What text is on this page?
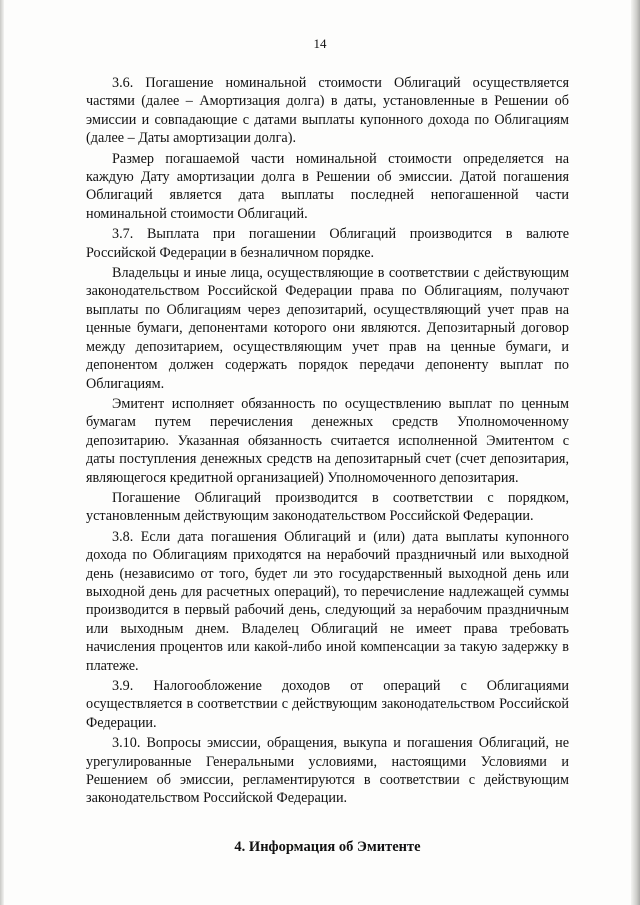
14

3.6. Погашение номинальной стоимости Облигаций осуществляется частями (далее – Амортизация долга) в даты, установленные в Решении об эмиссии и совпадающие с датами выплаты купонного дохода по Облигациям (далее – Даты амортизации долга).

Размер погашаемой части номинальной стоимости определяется на каждую Дату амортизации долга в Решении об эмиссии. Датой погашения Облигаций является дата выплаты последней непогашенной части номинальной стоимости Облигаций.

3.7. Выплата при погашении Облигаций производится в валюте Российской Федерации в безналичном порядке.

Владельцы и иные лица, осуществляющие в соответствии с действующим законодательством Российской Федерации права по Облигациям, получают выплаты по Облигациям через депозитарий, осуществляющий учет прав на ценные бумаги, депонентами которого они являются. Депозитарный договор между депозитарием, осуществляющим учет прав на ценные бумаги, и депонентом должен содержать порядок передачи депоненту выплат по Облигациям.

Эмитент исполняет обязанность по осуществлению выплат по ценным бумагам путем перечисления денежных средств Уполномоченному депозитарию. Указанная обязанность считается исполненной Эмитентом с даты поступления денежных средств на депозитарный счет (счет депозитария, являющегося кредитной организацией) Уполномоченного депозитария.

Погашение Облигаций производится в соответствии с порядком, установленным действующим законодательством Российской Федерации.

3.8. Если дата погашения Облигаций и (или) дата выплаты купонного дохода по Облигациям приходятся на нерабочий праздничный или выходной день (независимо от того, будет ли это государственный выходной день или выходной день для расчетных операций), то перечисление надлежащей суммы производится в первый рабочий день, следующий за нерабочим праздничным или выходным днем. Владелец Облигаций не имеет права требовать начисления процентов или какой-либо иной компенсации за такую задержку в платеже.

3.9. Налогообложение доходов от операций с Облигациями осуществляется в соответствии с действующим законодательством Российской Федерации.

3.10. Вопросы эмиссии, обращения, выкупа и погашения Облигаций, не урегулированные Генеральными условиями, настоящими Условиями и Решением об эмиссии, регламентируются в соответствии с действующим законодательством Российской Федерации.

4. Информация об Эмитенте
